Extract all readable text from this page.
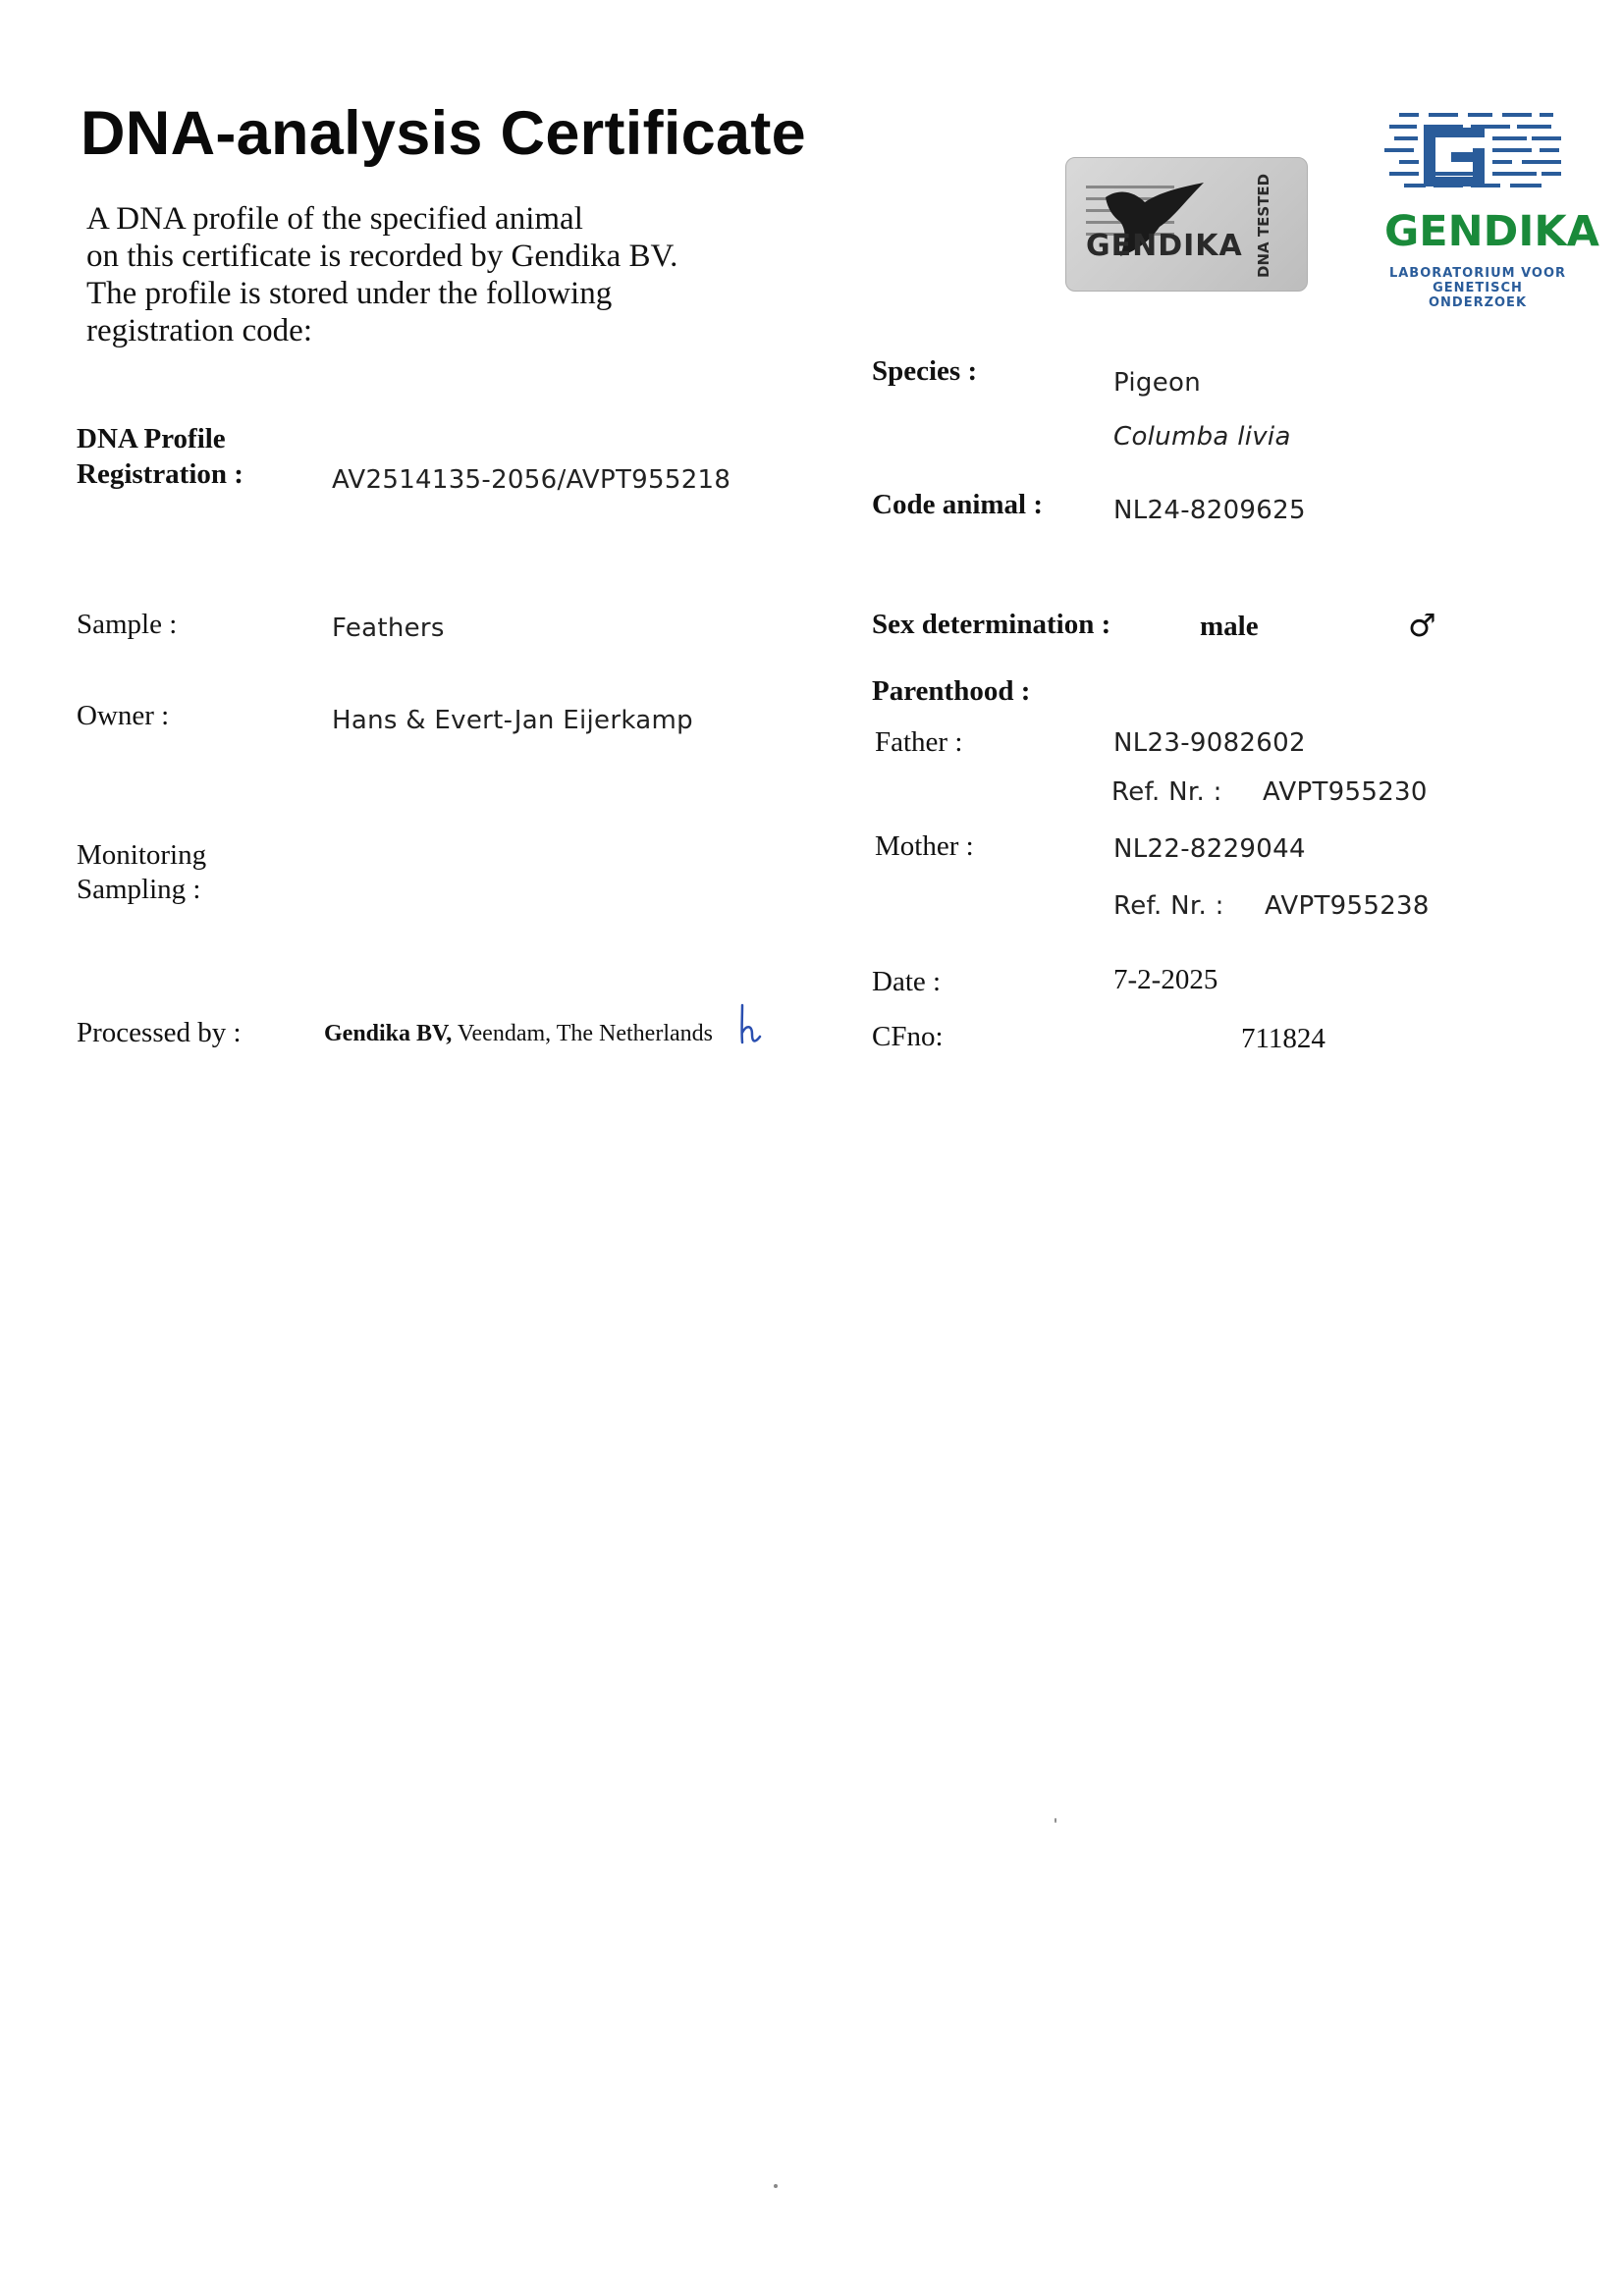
DNA-analysis Certificate
A DNA profile of the specified animal
on this certificate is recorded by Gendika BV.
The profile is stored under the following
registration code:
GENDIKA DNA TESTED	GENDIKA
LABORATORIUM VOOR
GENETISCH ONDERZOEK
DNA Profile
Registration :	AV2514135-2056/AVPT955218
Sample :	Feathers
Owner :	Hans & Evert-Jan Eijerkamp
Monitoring
Sampling :
Processed by :	Gendika BV, Veendam, The Netherlands
Species :	Pigeon
Columba livia
Code animal :	NL24-8209625
Sex determination :	male	♂
Parenthood :
Father :	NL23-9082602
Ref. Nr. : AVPT955230
Mother :	NL22-8229044
Ref. Nr. : AVPT955238
Date :	7-2-2025
CFno:	711824
